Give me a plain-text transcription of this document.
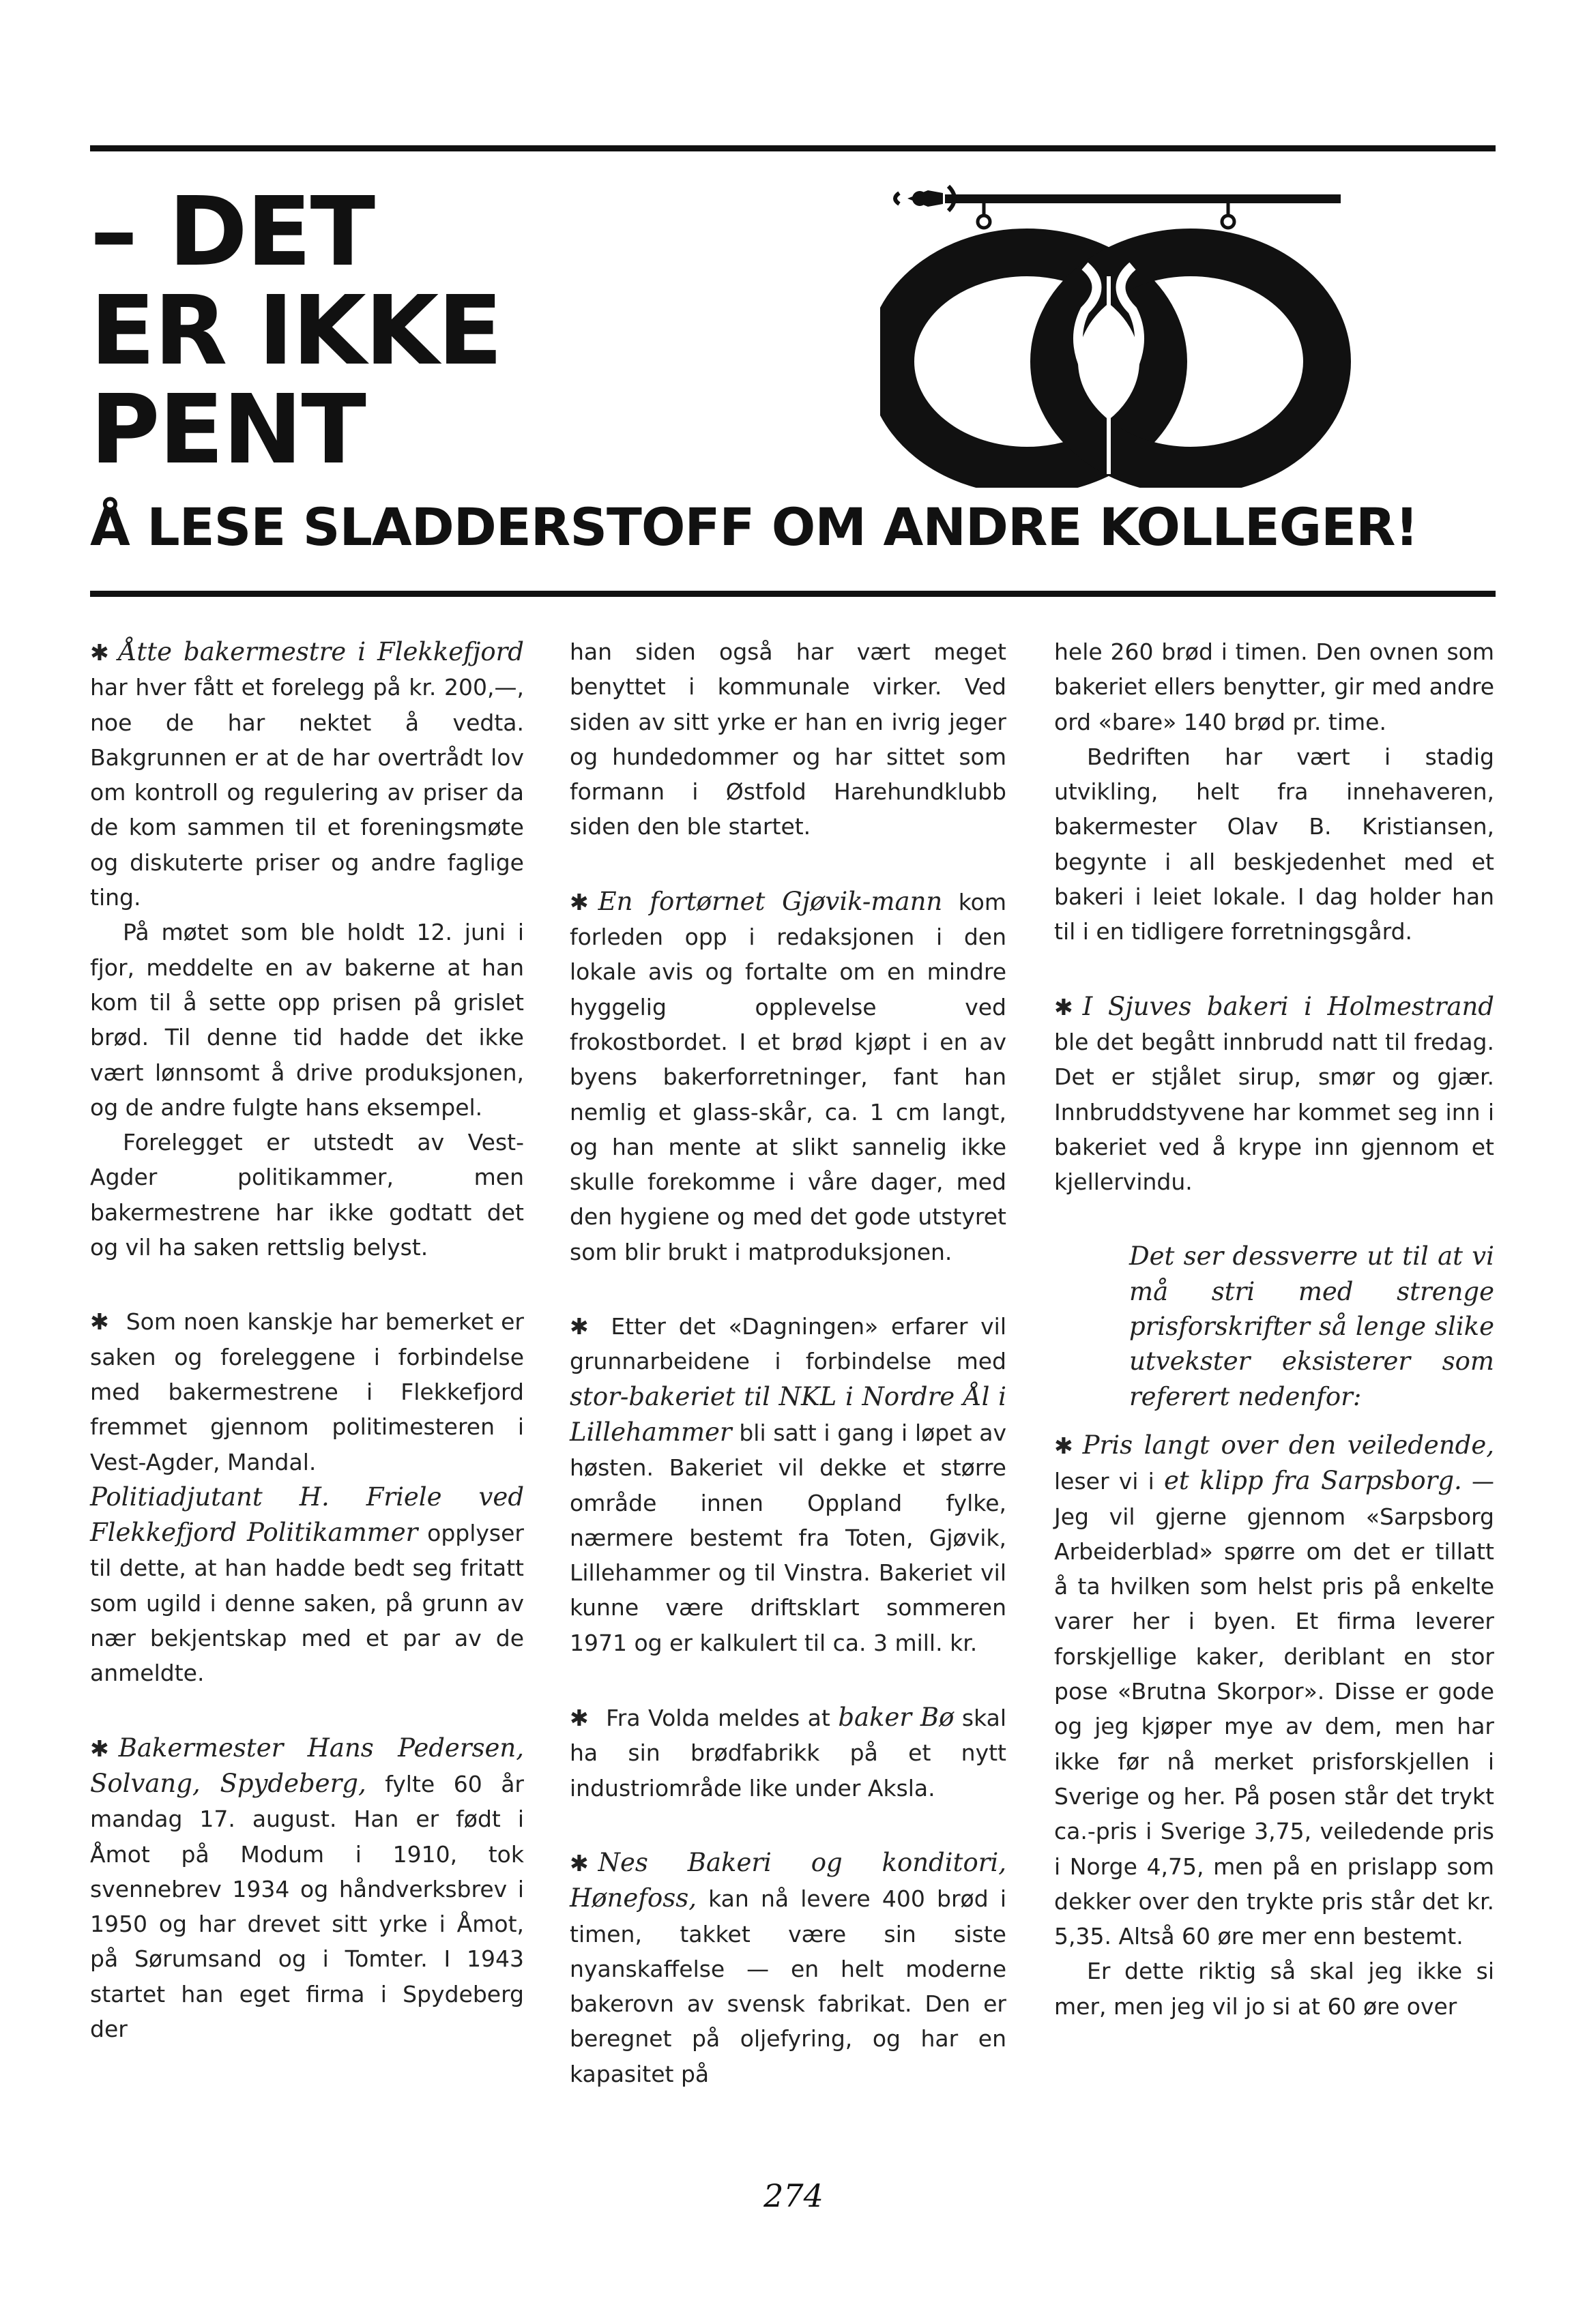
– DET
ER IKKE
PENT
Å LESE SLADDERSTOFF OM ANDRE KOLLEGER!

✱ Åtte bakermestre i Flekkefjord har hver fått et forelegg på kr. 200,—, noe de har nektet å vedta. Bakgrunnen er at de har overtrådt lov om kontroll og regulering av priser da de kom sammen til et foreningsmøte og diskuterte priser og andre faglige ting.

På møtet som ble holdt 12. juni i fjor, meddelte en av bakerne at han kom til å sette opp prisen på grislet brød. Til denne tid hadde det ikke vært lønnsomt å drive produksjonen, og de andre fulgte hans eksempel.

Forelegget er utstedt av Vest-Agder politikammer, men bakermestrene har ikke godtatt det og vil ha saken rettslig belyst.

✱ Som noen kanskje har bemerket er saken og foreleggene i forbindelse med bakermestrene i Flekkefjord fremmet gjennom politimesteren i Vest-Agder, Mandal.

Politiadjutant H. Friele ved Flekkefjord Politikammer opplyser til dette, at han hadde bedt seg fritatt som ugild i denne saken, på grunn av nær bekjentskap med et par av de anmeldte.

✱ Bakermester Hans Pedersen, Solvang, Spydeberg, fylte 60 år mandag 17. august. Han er født i Åmot på Modum i 1910, tok svennebrev 1934 og håndverksbrev i 1950 og har drevet sitt yrke i Åmot, på Sørumsand og i Tomter. I 1943 startet han eget firma i Spydeberg der

han siden også har vært meget benyttet i kommunale virker. Ved siden av sitt yrke er han en ivrig jeger og hundedommer og har sittet som formann i Østfold Harehundklubb siden den ble startet.

✱ En fortørnet Gjøvik-mann kom forleden opp i redaksjonen i den lokale avis og fortalte om en mindre hyggelig opplevelse ved frokostbordet. I et brød kjøpt i en av byens bakerforretninger, fant han nemlig et glass-skår, ca. 1 cm langt, og han mente at slikt sannelig ikke skulle forekomme i våre dager, med den hygiene og med det gode utstyret som blir brukt i matproduksjonen.

✱ Etter det «Dagningen» erfarer vil grunnarbeidene i forbindelse med stor-bakeriet til NKL i Nordre Ål i Lillehammer bli satt i gang i løpet av høsten. Bakeriet vil dekke et større område innen Oppland fylke, nærmere bestemt fra Toten, Gjøvik, Lillehammer og til Vinstra. Bakeriet vil kunne være driftsklart sommeren 1971 og er kalkulert til ca. 3 mill. kr.

✱ Fra Volda meldes at baker Bø skal ha sin brødfabrikk på et nytt industriområde like under Aksla.

✱ Nes Bakeri og konditori, Hønefoss, kan nå levere 400 brød i timen, takket være sin siste nyanskaffelse — en helt moderne bakerovn av svensk fabrikat. Den er beregnet på oljefyring, og har en kapasitet på

hele 260 brød i timen. Den ovnen som bakeriet ellers benytter, gir med andre ord «bare» 140 brød pr. time.

Bedriften har vært i stadig utvikling, helt fra innehaveren, bakermester Olav B. Kristiansen, begynte i all beskjedenhet med et bakeri i leiet lokale. I dag holder han til i en tidligere forretningsgård.

✱ I Sjuves bakeri i Holmestrand ble det begått innbrudd natt til fredag. Det er stjålet sirup, smør og gjær. Innbruddstyvene har kommet seg inn i bakeriet ved å krype inn gjennom et kjellervindu.

Det ser dessverre ut til at vi må stri med strenge prisforskrifter så lenge slike utvekster eksisterer som referert nedenfor:

✱ Pris langt over den veiledende, leser vi i et klipp fra Sarpsborg. — Jeg vil gjerne gjennom «Sarpsborg Arbeiderblad» spørre om det er tillatt å ta hvilken som helst pris på enkelte varer her i byen. Et firma leverer forskjellige kaker, deriblant en stor pose «Brutna Skorpor». Disse er gode og jeg kjøper mye av dem, men har ikke før nå merket prisforskjellen i Sverige og her. På posen står det trykt ca.-pris i Sverige 3,75, veiledende pris i Norge 4,75, men på en prislapp som dekker over den trykte pris står det kr. 5,35. Altså 60 øre mer enn bestemt.

Er dette riktig så skal jeg ikke si mer, men jeg vil jo si at 60 øre over

274
